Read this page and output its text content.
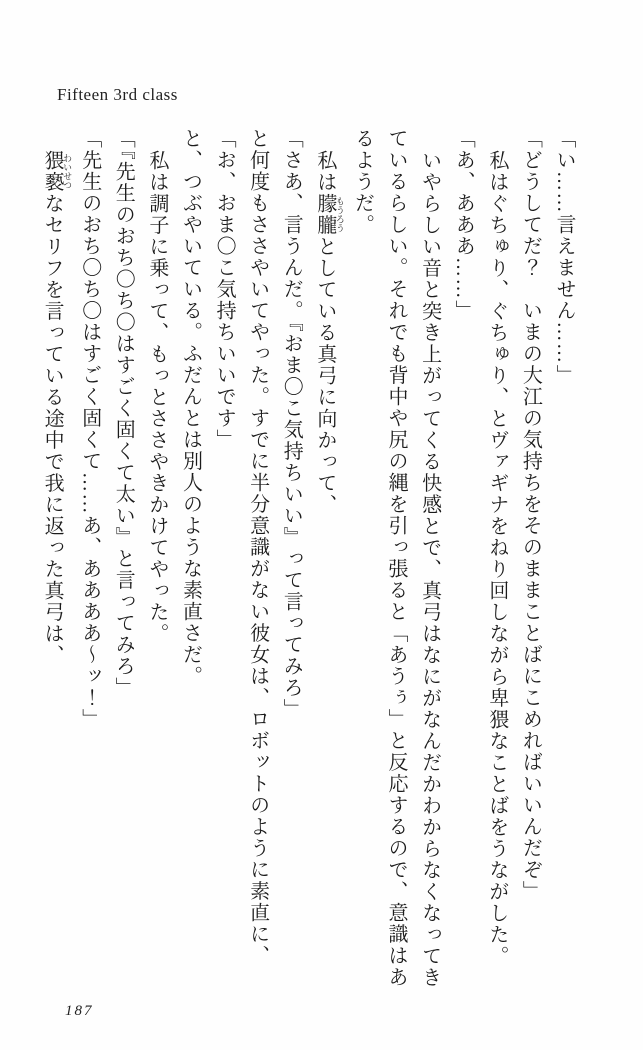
Fifteen 3rd class

「い……言えません……」

「どうしてだ？　いまの大江の気持ちをそのままことばにこめればいいんだぞ」

私はぐちゅり、ぐちゅり、とヴァギナをねり回しながら卑猥なことばをうながした。

「あ、あああ……」

いやらしい音と突き上がってくる快感とで、真弓はなにがなんだかわからなくなってき

ているらしい。それでも背中や尻の縄を引っ張ると「あうぅ」と反応するので、意識はあ

るようだ。

私は朦朧 もうろうとしている真弓に向かって、

「さあ、言うんだ。『おま〇こ気持ちいい』って言ってみろ」

と何度もささやいてやった。すでに半分意識がない彼女は、ロボットのように素直に、

「お、おま〇こ気持ちいいです」

と、つぶやいている。ふだんとは別人のような素直さだ。

私は調子に乗って、もっとささやきかけてやった。

「『先生のおち〇ち〇はすごく固くて太い』と言ってみろ」

「先生のおち〇ち〇はすごく固くて……あ、ああああ〜ッ！」

猥褻 わいせつなセリフを言っている途中で我に返った真弓は、

187
